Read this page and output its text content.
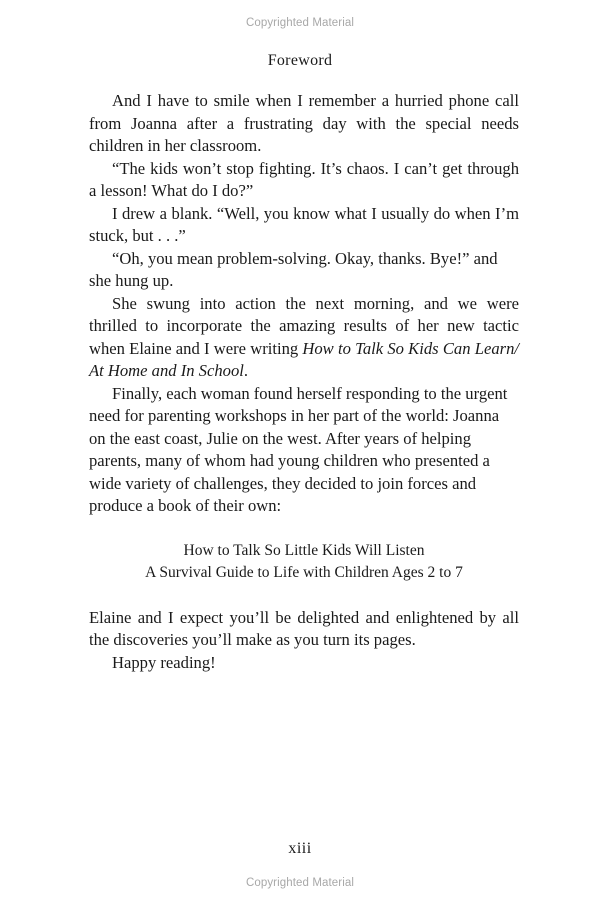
Copyrighted Material
Foreword

And I have to smile when I remember a hurried phone call from Joanna after a frustrating day with the special needs children in her classroom.

“The kids won’t stop fighting. It’s chaos. I can’t get through a lesson! What do I do?”

I drew a blank. “Well, you know what I usually do when I’m stuck, but . . .”

“Oh, you mean problem-solving. Okay, thanks. Bye!” and she hung up.

She swung into action the next morning, and we were thrilled to incorporate the amazing results of her new tactic when Elaine and I were writing How to Talk So Kids Can Learn/ At Home and In School.

Finally, each woman found herself responding to the urgent need for parenting workshops in her part of the world: Joanna on the east coast, Julie on the west. After years of helping parents, many of whom had young children who presented a wide variety of challenges, they decided to join forces and produce a book of their own:

How to Talk So Little Kids Will Listen
A Survival Guide to Life with Children Ages 2 to 7

Elaine and I expect you’ll be delighted and enlightened by all the discoveries you’ll make as you turn its pages.

Happy reading!

xiii
Copyrighted Material
